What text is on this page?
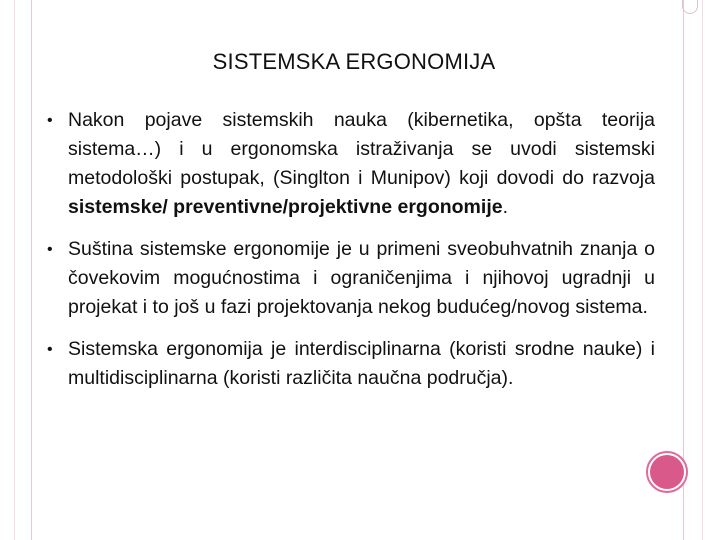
SISTEMSKA ERGONOMIJA
• Nakon pojave sistemskih nauka (kibernetika, opšta teorija sistema…) i u ergonomska istraživanja se uvodi sistemski metodološki postupak, (Singlton i Munipov) koji dovodi do razvoja sistemske/ preventivne/projektivne ergonomije.
• Suština sistemske ergonomije je u primeni sveobuhvatnih znanja o čovekovim mogućnostima i ograničenjima i njihovoj ugradnji u projekat i to još u fazi projektovanja nekog budućeg/novog sistema.
• Sistemska ergonomija je interdisciplinarna (koristi srodne nauke) i multidisciplinarna (koristi različita naučna područja).
